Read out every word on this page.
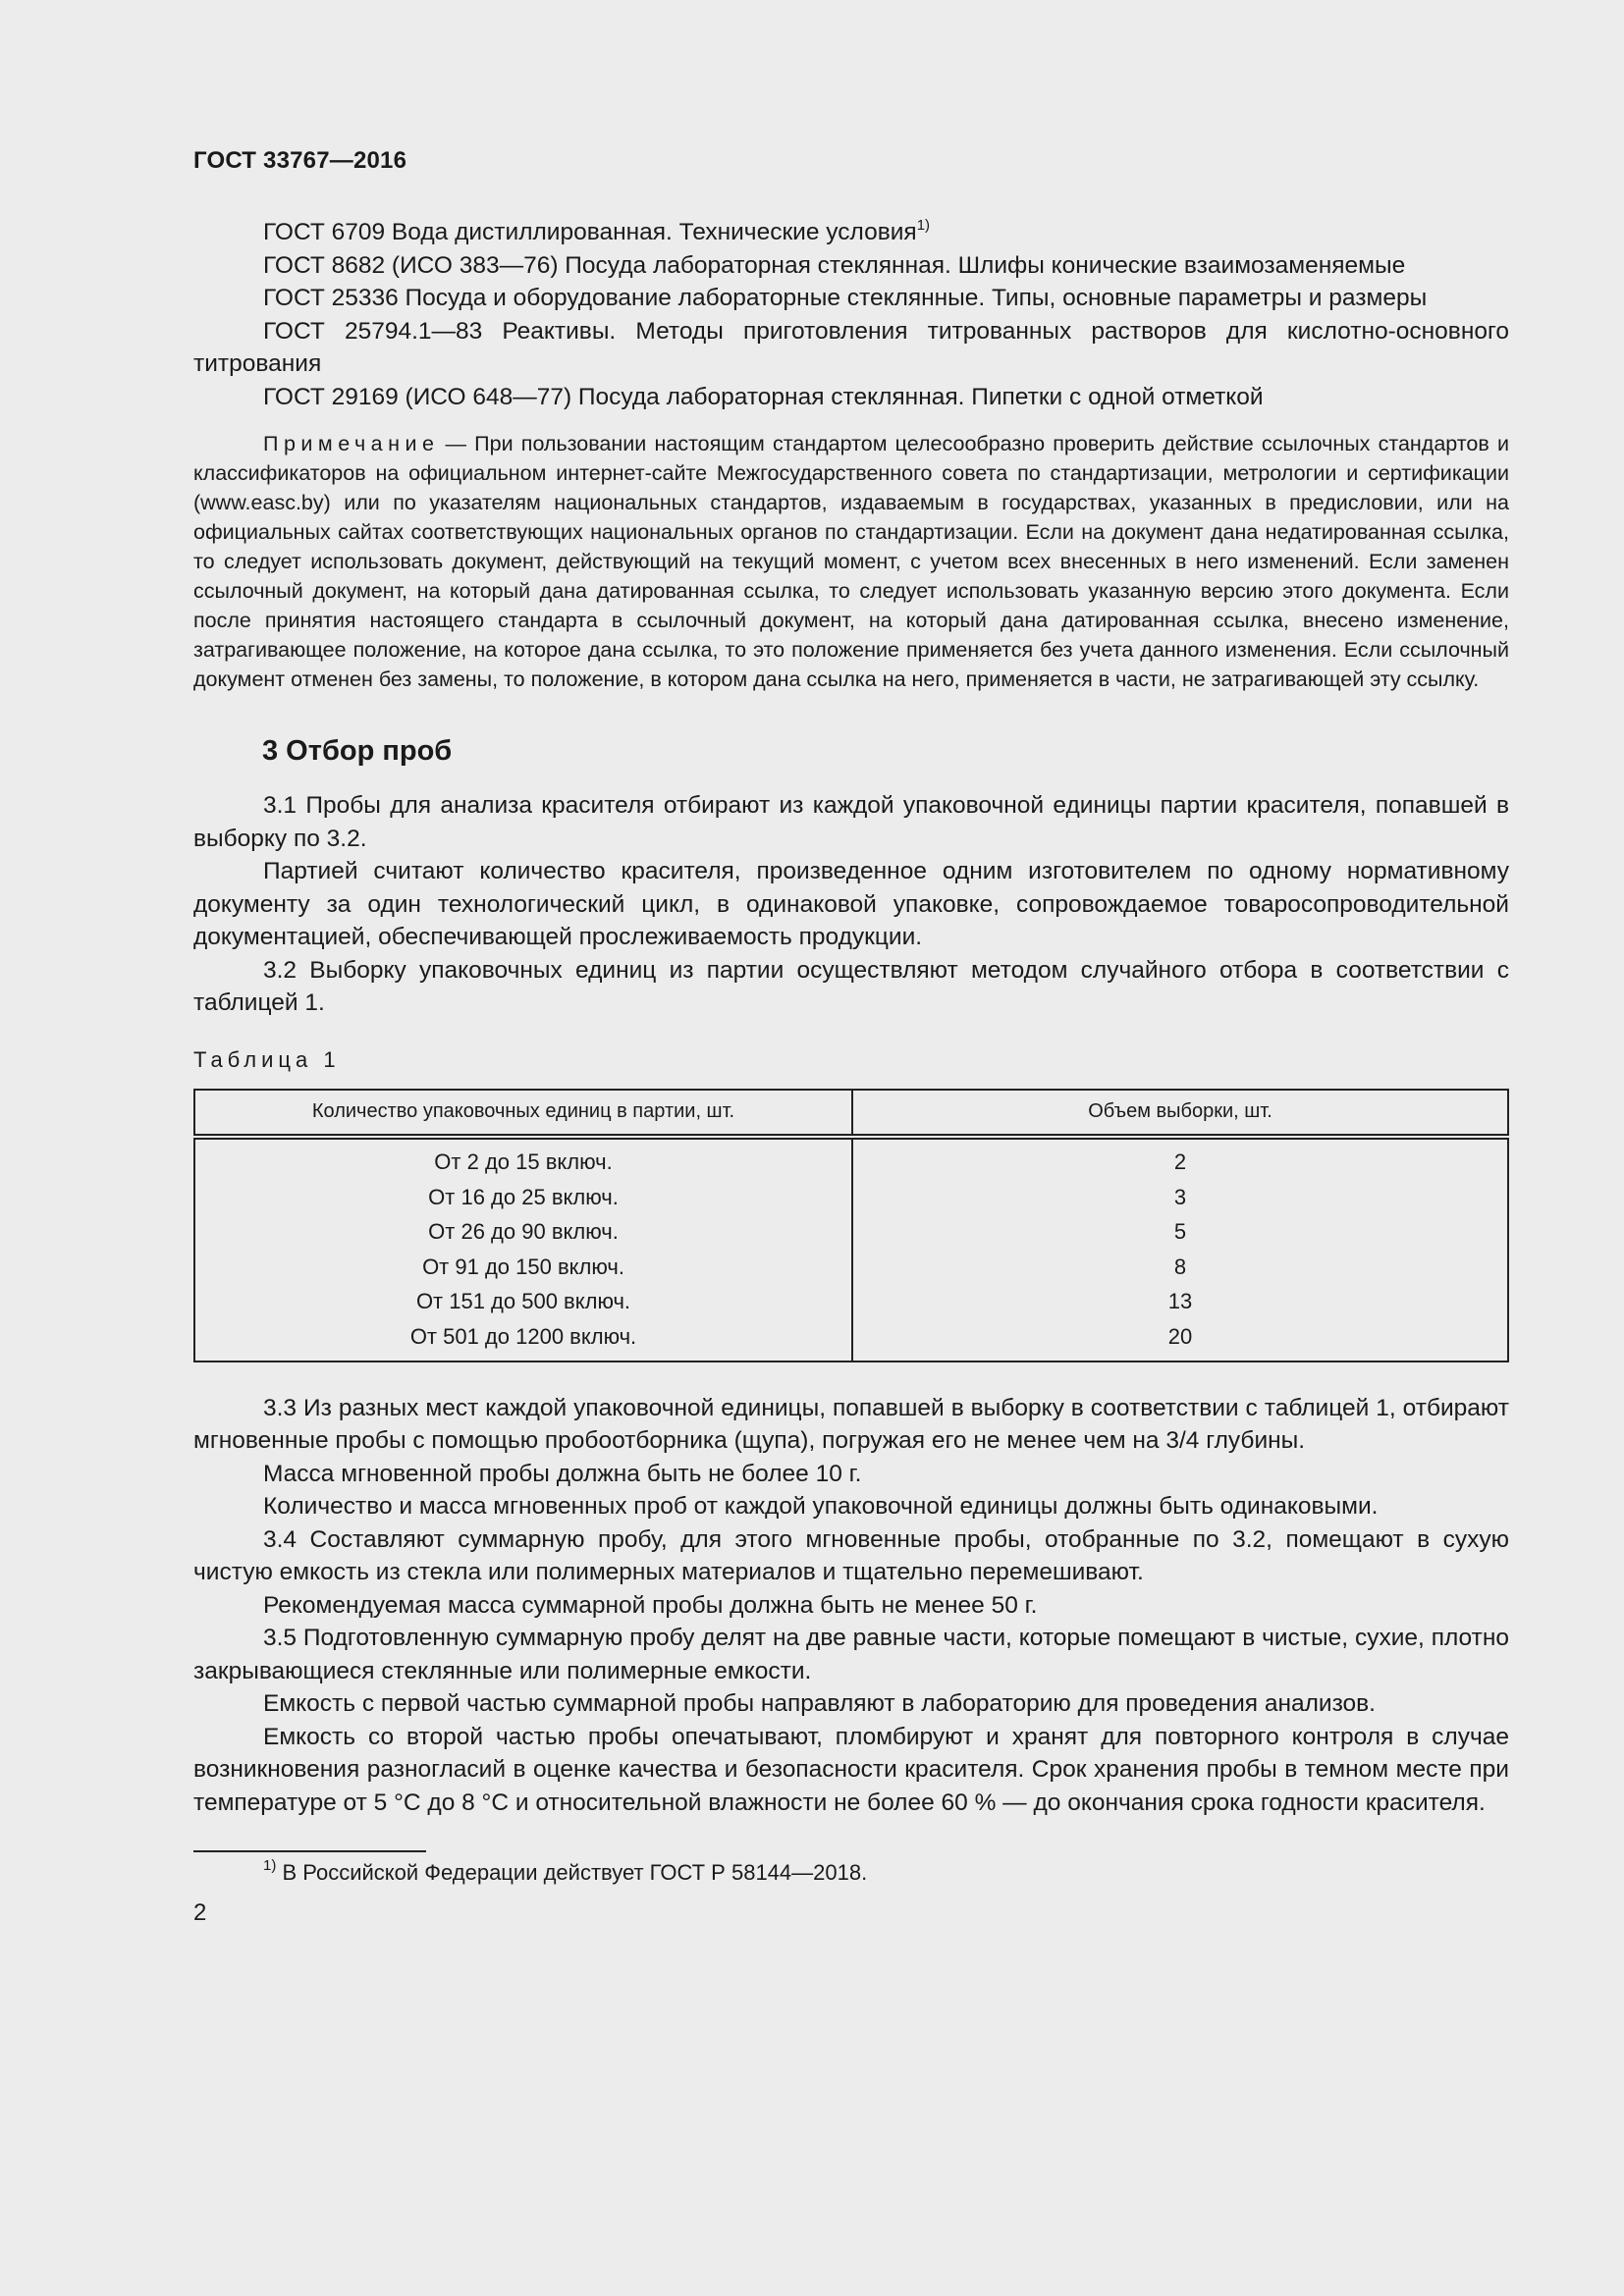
ГОСТ 33767—2016

ГОСТ 6709 Вода дистиллированная. Технические условия$^{1)}$

ГОСТ 8682 (ИСО 383—76) Посуда лабораторная стеклянная. Шлифы конические взаимозаменяемые

ГОСТ 25336 Посуда и оборудование лабораторные стеклянные. Типы, основные параметры и размеры

ГОСТ 25794.1—83 Реактивы. Методы приготовления титрованных растворов для кислотно-основного титрования

ГОСТ 29169 (ИСО 648—77) Посуда лабораторная стеклянная. Пипетки с одной отметкой

Примечание — При пользовании настоящим стандартом целесообразно проверить действие ссылочных стандартов и классификаторов на официальном интернет-сайте Межгосударственного совета по стандартизации, метрологии и сертификации (www.easc.by) или по указателям национальных стандартов, издаваемым в государствах, указанных в предисловии, или на официальных сайтах соответствующих национальных органов по стандартизации. Если на документ дана недатированная ссылка, то следует использовать документ, действующий на текущий момент, с учетом всех внесенных в него изменений. Если заменен ссылочный документ, на который дана датированная ссылка, то следует использовать указанную версию этого документа. Если после принятия настоящего стандарта в ссылочный документ, на который дана датированная ссылка, внесено изменение, затрагивающее положение, на которое дана ссылка, то это положение применяется без учета данного изменения. Если ссылочный документ отменен без замены, то положение, в котором дана ссылка на него, применяется в части, не затрагивающей эту ссылку.

3 Отбор проб

3.1 Пробы для анализа красителя отбирают из каждой упаковочной единицы партии красителя, попавшей в выборку по 3.2.

Партией считают количество красителя, произведенное одним изготовителем по одному нормативному документу за один технологический цикл, в одинаковой упаковке, сопровождаемое товаросопроводительной документацией, обеспечивающей прослеживаемость продукции.

3.2 Выборку упаковочных единиц из партии осуществляют методом случайного отбора в соответствии с таблицей 1.

Таблица 1
Количество упаковочных единиц в партии, шт.	Объем выборки, шт.
От 2 до 15 включ.	2
От 16 до 25 включ.	3
От 26 до 90 включ.	5
От 91 до 150 включ.	8
От 151 до 500 включ.	13
От 501 до 1200 включ.	20

3.3 Из разных мест каждой упаковочной единицы, попавшей в выборку в соответствии с таблицей 1, отбирают мгновенные пробы с помощью пробоотборника (щупа), погружая его не менее чем на 3/4 глубины.

Масса мгновенной пробы должна быть не более 10 г.

Количество и масса мгновенных проб от каждой упаковочной единицы должны быть одинаковыми.

3.4 Составляют суммарную пробу, для этого мгновенные пробы, отобранные по 3.2, помещают в сухую чистую емкость из стекла или полимерных материалов и тщательно перемешивают.

Рекомендуемая масса суммарной пробы должна быть не менее 50 г.

3.5 Подготовленную суммарную пробу делят на две равные части, которые помещают в чистые, сухие, плотно закрывающиеся стеклянные или полимерные емкости.

Емкость с первой частью суммарной пробы направляют в лабораторию для проведения анализов.

Емкость со второй частью пробы опечатывают, пломбируют и хранят для повторного контроля в случае возникновения разногласий в оценке качества и безопасности красителя. Срок хранения пробы в темном месте при температуре от 5 °С до 8 °С и относительной влажности не более 60 % — до окончания срока годности красителя.

$^{1)}$ В Российской Федерации действует ГОСТ Р 58144—2018.

2
